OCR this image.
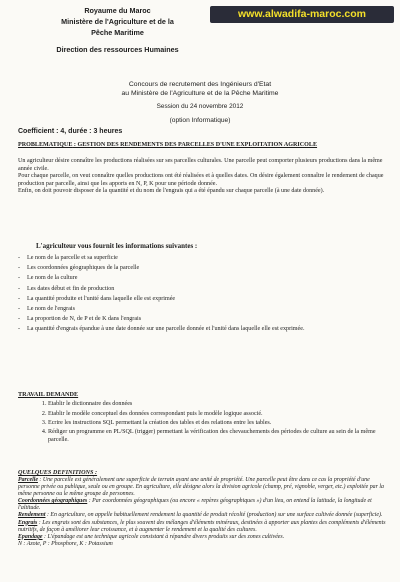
Royaume du Maroc
Ministère de l'Agriculture et de la
Pêche Maritime
Direction des ressources Humaines
www.alwadifa-maroc.com
Concours de recrutement des Ingénieurs d'Etat
au Ministère de l'Agriculture et de la Pêche Maritime
Session du 24 novembre 2012
(option Informatique)
Coefficient : 4, durée : 3 heures
PROBLEMATIQUE : GESTION DES RENDEMENTS DES PARCELLES D'UNE EXPLOITATION AGRICOLE
Un agriculteur désire connaître les productions réalisées sur ses parcelles culturales. Une parcelle peut comporter plusieurs productions dans la même année civile.
Pour chaque parcelle, on veut connaître quelles productions ont été réalisées et à quelles dates. On désire également connaître le rendement de chaque production par parcelle, ainsi que les apports en N, P, K pour une période donnée.
Enfin, on doit pouvoir disposer de la quantité et du nom de l'engrais qui a été épandu sur chaque parcelle (à une date donnée).
L'agriculteur vous fournit les informations suivantes :
- Le nom de la parcelle et sa superficie
- Les coordonnées géographiques de la parcelle
- Le nom de la culture
- Les dates début et fin de production
- La quantité produite et l'unité dans laquelle elle est exprimée
- Le nom de l'engrais
- La proportion de N, de P et de K dans l'engrais
- La quantité d'engrais épandue à une date donnée sur une parcelle donnée et l'unité dans laquelle elle est exprimée.
TRAVAIL DEMANDE
1. Etablir le dictionnaire des données
2. Etablir le modèle conceptuel des données correspondant puis le modèle logique associé.
3. Ecrire les instructions SQL permettant la création des tables et des relations entre les tables.
4. Rédiger un programme en PL/SQL (trigger) permettant la vérification des chevauchements des périodes de culture au sein de la même parcelle.
QUELQUES DEFINITIONS :

Parcelle : Une parcelle est généralement une superficie de terrain ayant une unité de propriété. Une parcelle peut être dans ce cas la propriété d'une personne privée ou publique, seule ou en groupe. En agriculture, elle désigne alors la division agricole (champ, pré, vignoble, verger, etc.) exploitée par la même personne ou le même groupe de personnes.

Coordonnées géographiques : Par coordonnées géographiques (ou encore « repères géographiques ») d'un lieu, on entend la latitude, la longitude et l'altitude.

Rendement : En agriculture, on appelle habituellement rendement la quantité de produit récolté (production) sur une surface cultivée donnée (superficie).

Engrais : Les engrais sont des substances, le plus souvent des mélanges d'éléments minéraux, destinées à apporter aux plantes des compléments d'éléments nutritifs, de façon à améliorer leur croissance, et à augmenter le rendement et la qualité des cultures.

Epandage : L'épandage est une technique agricole consistant à répandre divers produits sur des zones cultivées.

N : Azote, P : Phosphore, K : Potassium
